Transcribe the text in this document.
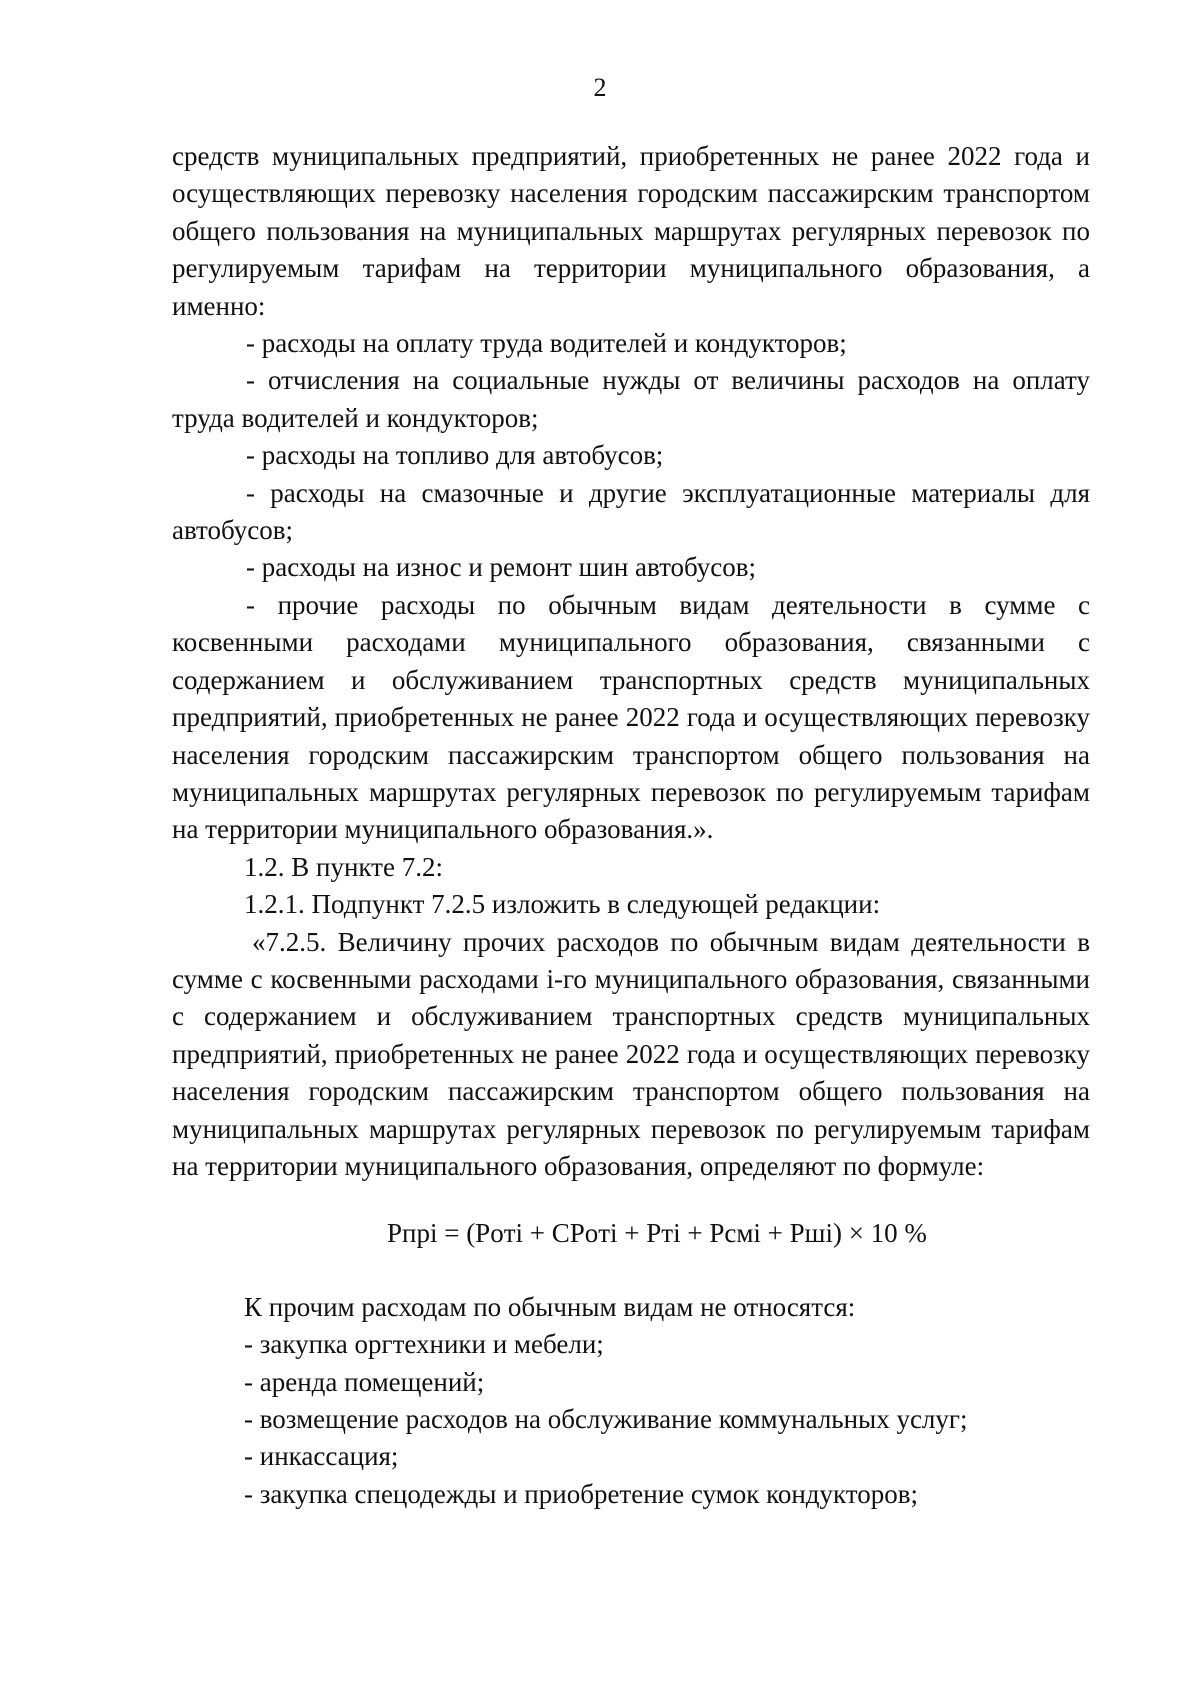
2

средств муниципальных предприятий, приобретенных не ранее 2022 года и осуществляющих перевозку населения городским пассажирским транспортом общего пользования на муниципальных маршрутах регулярных перевозок по регулируемым тарифам на территории муниципального образования, а именно:

- расходы на оплату труда водителей и кондукторов;

- отчисления на социальные нужды от величины расходов на оплату труда водителей и кондукторов;

- расходы на топливо для автобусов;

- расходы на смазочные и другие эксплуатационные материалы для автобусов;

- расходы на износ и ремонт шин автобусов;

- прочие расходы по обычным видам деятельности в сумме с косвенными расходами муниципального образования, связанными с содержанием и обслуживанием транспортных средств муниципальных предприятий, приобретенных не ранее 2022 года и осуществляющих перевозку населения городским пассажирским транспортом общего пользования на муниципальных маршрутах регулярных перевозок по регулируемым тарифам на территории муниципального образования.».

1.2. В пункте 7.2:

1.2.1. Подпункт 7.2.5 изложить в следующей редакции:

«7.2.5. Величину прочих расходов по обычным видам деятельности в сумме с косвенными расходами i-го муниципального образования, связанными с содержанием и обслуживанием транспортных средств муниципальных предприятий, приобретенных не ранее 2022 года и осуществляющих перевозку населения городским пассажирским транспортом общего пользования на муниципальных маршрутах регулярных перевозок по регулируемым тарифам на территории муниципального образования, определяют по формуле:

Рпрi = (Рoтi + СРoтi + Ртi + Рсмi + Ршi) × 10 %

К прочим расходам по обычным видам не относятся:

- закупка оргтехники и мебели;

- аренда помещений;

- возмещение расходов на обслуживание коммунальных услуг;

- инкассация;

- закупка спецодежды и приобретение сумок кондукторов;
